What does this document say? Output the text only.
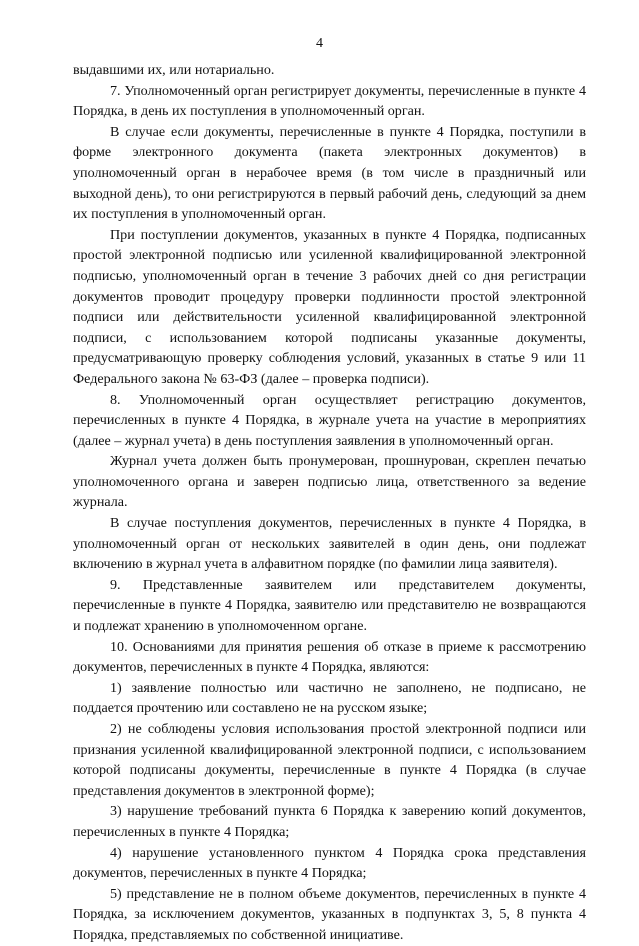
4

выдавшими их, или нотариально.

7. Уполномоченный орган регистрирует документы, перечисленные в пункте 4 Порядка, в день их поступления в уполномоченный орган.

В случае если документы, перечисленные в пункте 4 Порядка, поступили в форме электронного документа (пакета электронных документов) в уполномоченный орган в нерабочее время (в том числе в праздничный или выходной день), то они регистрируются в первый рабочий день, следующий за днем их поступления в уполномоченный орган.

При поступлении документов, указанных в пункте 4 Порядка, подписанных простой электронной подписью или усиленной квалифицированной электронной подписью, уполномоченный орган в течение 3 рабочих дней со дня регистрации документов проводит процедуру проверки подлинности простой электронной подписи или действительности усиленной квалифицированной электронной подписи, с использованием которой подписаны указанные документы, предусматривающую проверку соблюдения условий, указанных в статье 9 или 11 Федерального закона № 63-ФЗ (далее – проверка подписи).

8. Уполномоченный орган осуществляет регистрацию документов, перечисленных в пункте 4 Порядка, в журнале учета на участие в мероприятиях (далее – журнал учета) в день поступления заявления в уполномоченный орган.

Журнал учета должен быть пронумерован, прошнурован, скреплен печатью уполномоченного органа и заверен подписью лица, ответственного за ведение журнала.

В случае поступления документов, перечисленных в пункте 4 Порядка, в уполномоченный орган от нескольких заявителей в один день, они подлежат включению в журнал учета в алфавитном порядке (по фамилии лица заявителя).

9. Представленные заявителем или представителем документы, перечисленные в пункте 4 Порядка, заявителю или представителю не возвращаются и подлежат хранению в уполномоченном органе.

10. Основаниями для принятия решения об отказе в приеме к рассмотрению документов, перечисленных в пункте 4 Порядка, являются:

1) заявление полностью или частично не заполнено, не подписано, не поддается прочтению или составлено не на русском языке;

2) не соблюдены условия использования простой электронной подписи или признания усиленной квалифицированной электронной подписи, с использованием которой подписаны документы, перечисленные в пункте 4 Порядка (в случае представления документов в электронной форме);

3) нарушение требований пункта 6 Порядка к заверению копий документов, перечисленных в пункте 4 Порядка;

4) нарушение установленного пунктом 4 Порядка срока представления документов, перечисленных в пункте 4 Порядка;

5) представление не в полном объеме документов, перечисленных в пункте 4 Порядка, за исключением документов, указанных в подпунктах 3, 5, 8 пункта 4 Порядка, представляемых по собственной инициативе.
